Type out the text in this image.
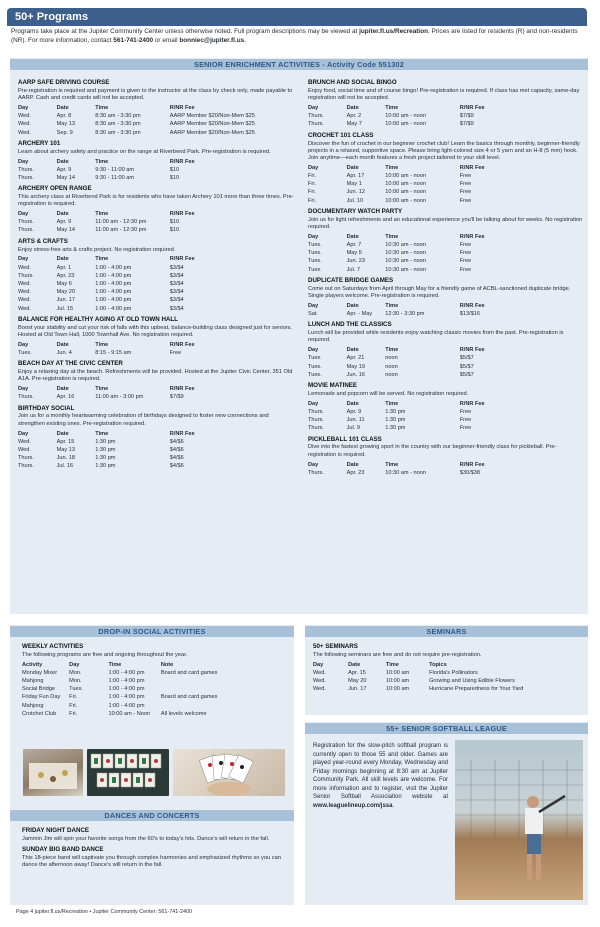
50+ Programs
Programs take place at the Jupiter Community Center unless otherwise noted. Full program descriptions may be viewed at jupiter.fl.us/Recreation. Prices are listed for residents (R) and non-residents (NR). For more information, contact 561-741-2400 or email bonniec@jupiter.fl.us.
SENIOR ENRICHMENT ACTIVITIES - Activity Code 551302
AARP SAFE DRIVING COURSE
Pre-registration is required and payment is given to the instructor at the class by check only, made payable to AARP. Cash and credit cards will not be accepted.
Day	Date	Time	R/NR Fee
Wed.	Apr. 8	8:30 am - 3:30 pm	AARP Member $20/Non-Mem $25
Wed.	May 13	8:30 am - 3:30 pm	AARP Member $20/Non-Mem $25
Wed.	Sep. 9	8:30 am - 3:30 pm	AARP Member $20/Non-Mem $25
ARCHERY 101
Learn about archery safety and practice on the range at Riverbend Park. Pre-registration is required.
Day	Date	Time	R/NR Fee
Thurs.	Apr. 9	9:30 - 11:00 am	$10
Thurs.	May 14	9:30 - 11:00 am	$10
ARCHERY OPEN RANGE
This archery class at Riverbend Park is for residents who have taken Archery 101 more than three times. Pre-registration is required.
Day	Date	Time	R/NR Fee
Thurs.	Apr. 9	11:00 am - 12:30 pm	$10
Thurs.	May 14	11:00 am - 12:30 pm	$10
ARTS & CRAFTS
Enjoy stress-free arts & crafts project. No registration required.
Day	Date	Time	R/NR Fee
Wed.	Apr. 1	1:00 - 4:00 pm	$3/$4
Thurs.	Apr. 23	1:00 - 4:00 pm	$3/$4
Wed.	May 6	1:00 - 4:00 pm	$3/$4
Wed.	May 20	1:00 - 4:00 pm	$3/$4
Wed.	Jun. 17	1:00 - 4:00 pm	$3/$4
Wed.	Jul. 15	1:00 - 4:00 pm	$3/$4
BALANCE FOR HEALTHY AGING AT OLD TOWN HALL
Boost your stability and cut your risk of falls with this upbeat, balance-building class designed just for seniors. Hosted at Old Town Hall, 1000 Townhall Ave. No registration required.
Day	Date	Time	R/NR Fee
Tues.	Jun. 4	8:15 - 9:15 am	Free
BEACH DAY AT THE CIVIC CENTER
Enjoy a relaxing day at the beach. Refreshments will be provided. Hosted at the Jupiter Civic Center, 351 Old A1A. Pre-registration is required.
Day	Date	Time	R/NR Fee
Thurs.	Apr. 16	11:00 am - 3:00 pm	$7/$9
BIRTHDAY SOCIAL
Join us for a monthly heartwarming celebration of birthdays designed to foster new connections and strengthen existing ones. Pre-registration required.
Day	Date	Time	R/NR Fee
Wed.	Apr. 15	1:30 pm	$4/$6
Wed.	May 13	1:30 pm	$4/$6
Thurs.	Jun. 18	1:30 pm	$4/$6
Thurs.	Jul. 16	1:30 pm	$4/$6
BRUNCH AND SOCIAL BINGO
Enjoy food, social time and of course bingo! Pre-registration is required. If class has met capacity, same-day registration will not be accepted.
Day	Date	Time	R/NR Fee
Thurs.	Apr. 2	10:00 am - noon	$7/$9
Thurs.	May 7	10:00 am - noon	$7/$9
CROCHET 101 CLASS
Discover the fun of crochet in our beginner crochet club! Learn the basics through monthly, beginner-friendly projects in a relaxed, supportive space. Please bring light-colored size 4 or 5 yarn and an H-8 (5 mm) hook. Join anytime—each month features a fresh project tailored to your skill level.
Day	Date	Time	R/NR Fee
Fri.	Apr. 17	10:00 am - noon	Free
Fri.	May 1	10:00 am - noon	Free
Fri.	Jun. 12	10:00 am - noon	Free
Fri.	Jul. 10	10:00 am - noon	Free
DOCUMENTARY WATCH PARTY
Join us for light refreshments and an educational experience you'll be talking about for weeks. No registration required.
Day	Date	Time	R/NR Fee
Tues.	Apr. 7	10:30 am - noon	Free
Tues.	May 5	10:30 am - noon	Free
Tues.	Jun. 23	10:30 am - noon	Free
Tues.	Jul. 7	10:30 am - noon	Free
DUPLICATE BRIDGE GAMES
Come out on Saturdays from April through May for a friendly game of ACBL-sanctioned duplicate bridge. Single players welcome. Pre-registration is required.
Day	Date	Time	R/NR Fee
Sat.	Apr. - May	12:30 - 3:30 pm	$13/$16
LUNCH AND THE CLASSICS
Lunch will be provided while residents enjoy watching classic movies from the past. Pre-registration is required.
Day	Date	Time	R/NR Fee
Tues.	Apr. 21	noon	$5/$7
Tues.	May 19	noon	$5/$7
Tues.	Jun. 16	noon	$5/$7
MOVIE MATINEE
Lemonade and popcorn will be served. No registration required.
Day	Date	Time	R/NR Fee
Thurs.	Apr. 9	1:30 pm	Free
Thurs.	Jun. 11	1:30 pm	Free
Thurs.	Jul. 9	1:30 pm	Free
PICKLEBALL 101 CLASS
Dive into the fastest growing sport in the country with our beginner-friendly class for pickleball. Pre-registration is required.
Day	Date	Time	R/NR Fee
Thurs.	Apr. 23	10:30 am - noon	$30/$38
DROP-IN SOCIAL ACTIVITIES
WEEKLY ACTIVITIES
The following programs are free and ongoing throughout the year.
Activity	Day	Time	Note
Monday Mixer	Mon.	1:00 - 4:00 pm	Board and card games
Mahjong	Mon.	1:00 - 4:00 pm
Social Bridge	Tues.	1:00 - 4:00 pm
Friday Fun Day	Fri.	1:00 - 4:00 pm	Board and card games
Mahjong	Fri.	1:00 - 4:00 pm
Crotchet Club	Fri.	10:00 am - Noon	All levels welcome
DANCES AND CONCERTS
FRIDAY NIGHT DANCE
Jammin Jim will spin your favorite songs from the 60's to today's hits. Dance's will return in the fall.
SUNDAY BIG BAND DANCE
This 18-piece band will captivate you through complex harmonies and emphasized rhythms so you can dance the afternoon away! Dance's will return in the fall.
SEMINARS
50+ SEMINARS
The following seminars are free and do not require pre-registration.
Day	Date	Time	Topics
Wed.	Apr. 15	10:00 am	Florida's Pollinators
Wed.	May 20	10:00 am	Growing and Using Edible Flowers
Wed.	Jun. 17	10:00 am	Hurricane Preparedness for Your Yard
55+ SENIOR SOFTBALL LEAGUE
Registration for the slow-pitch softball program is currently open to those 55 and older. Games are played year-round every Monday, Wednesday and Friday mornings beginning at 8:30 am at Jupiter Community Park. All skill levels are welcome. For more information and to register, visit the Jupiter Senior Softball Association website at www.leaguelineup.com/jssa.
Page 4 jupiter.fl.us/Recreation • Jupiter Community Center: 561-741-2400
